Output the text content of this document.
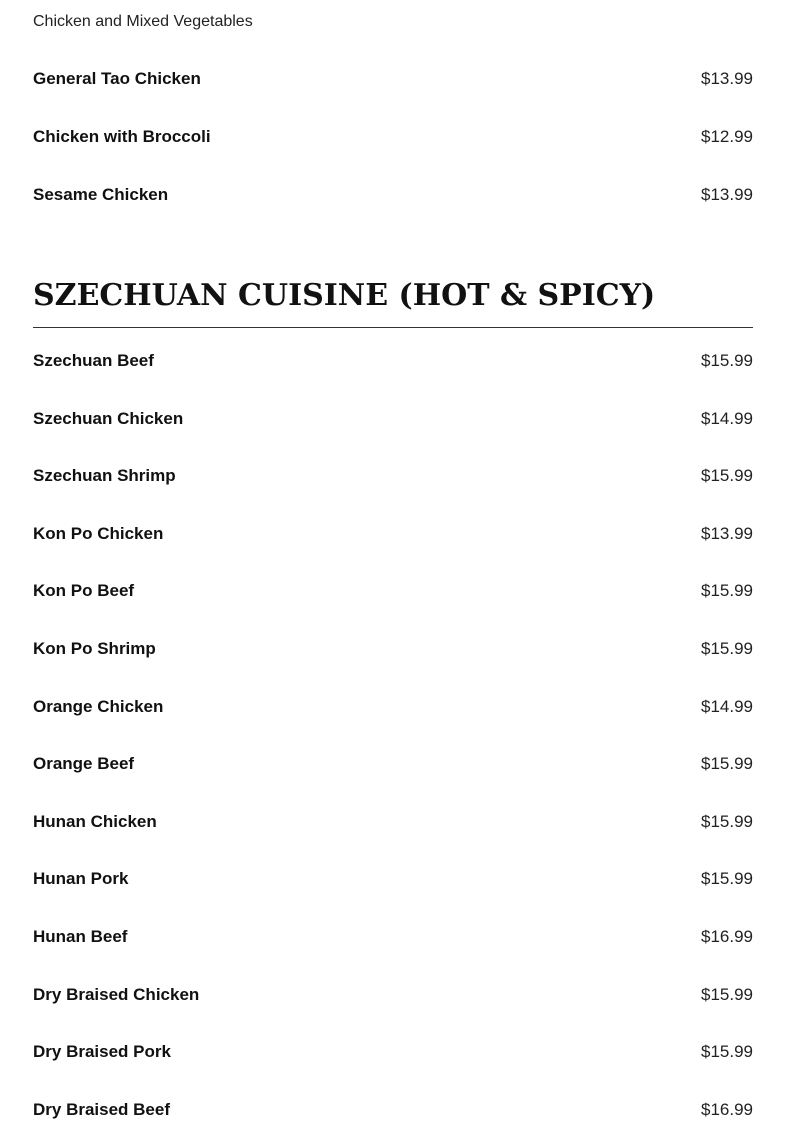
Chicken and Mixed Vegetables
General Tao Chicken	$13.99
Chicken with Broccoli	$12.99
Sesame Chicken	$13.99
SZECHUAN CUISINE (HOT & SPICY)
Szechuan Beef	$15.99
Szechuan Chicken	$14.99
Szechuan Shrimp	$15.99
Kon Po Chicken	$13.99
Kon Po Beef	$15.99
Kon Po Shrimp	$15.99
Orange Chicken	$14.99
Orange Beef	$15.99
Hunan Chicken	$15.99
Hunan Pork	$15.99
Hunan Beef	$16.99
Dry Braised Chicken	$15.99
Dry Braised Pork	$15.99
Dry Braised Beef	$16.99
